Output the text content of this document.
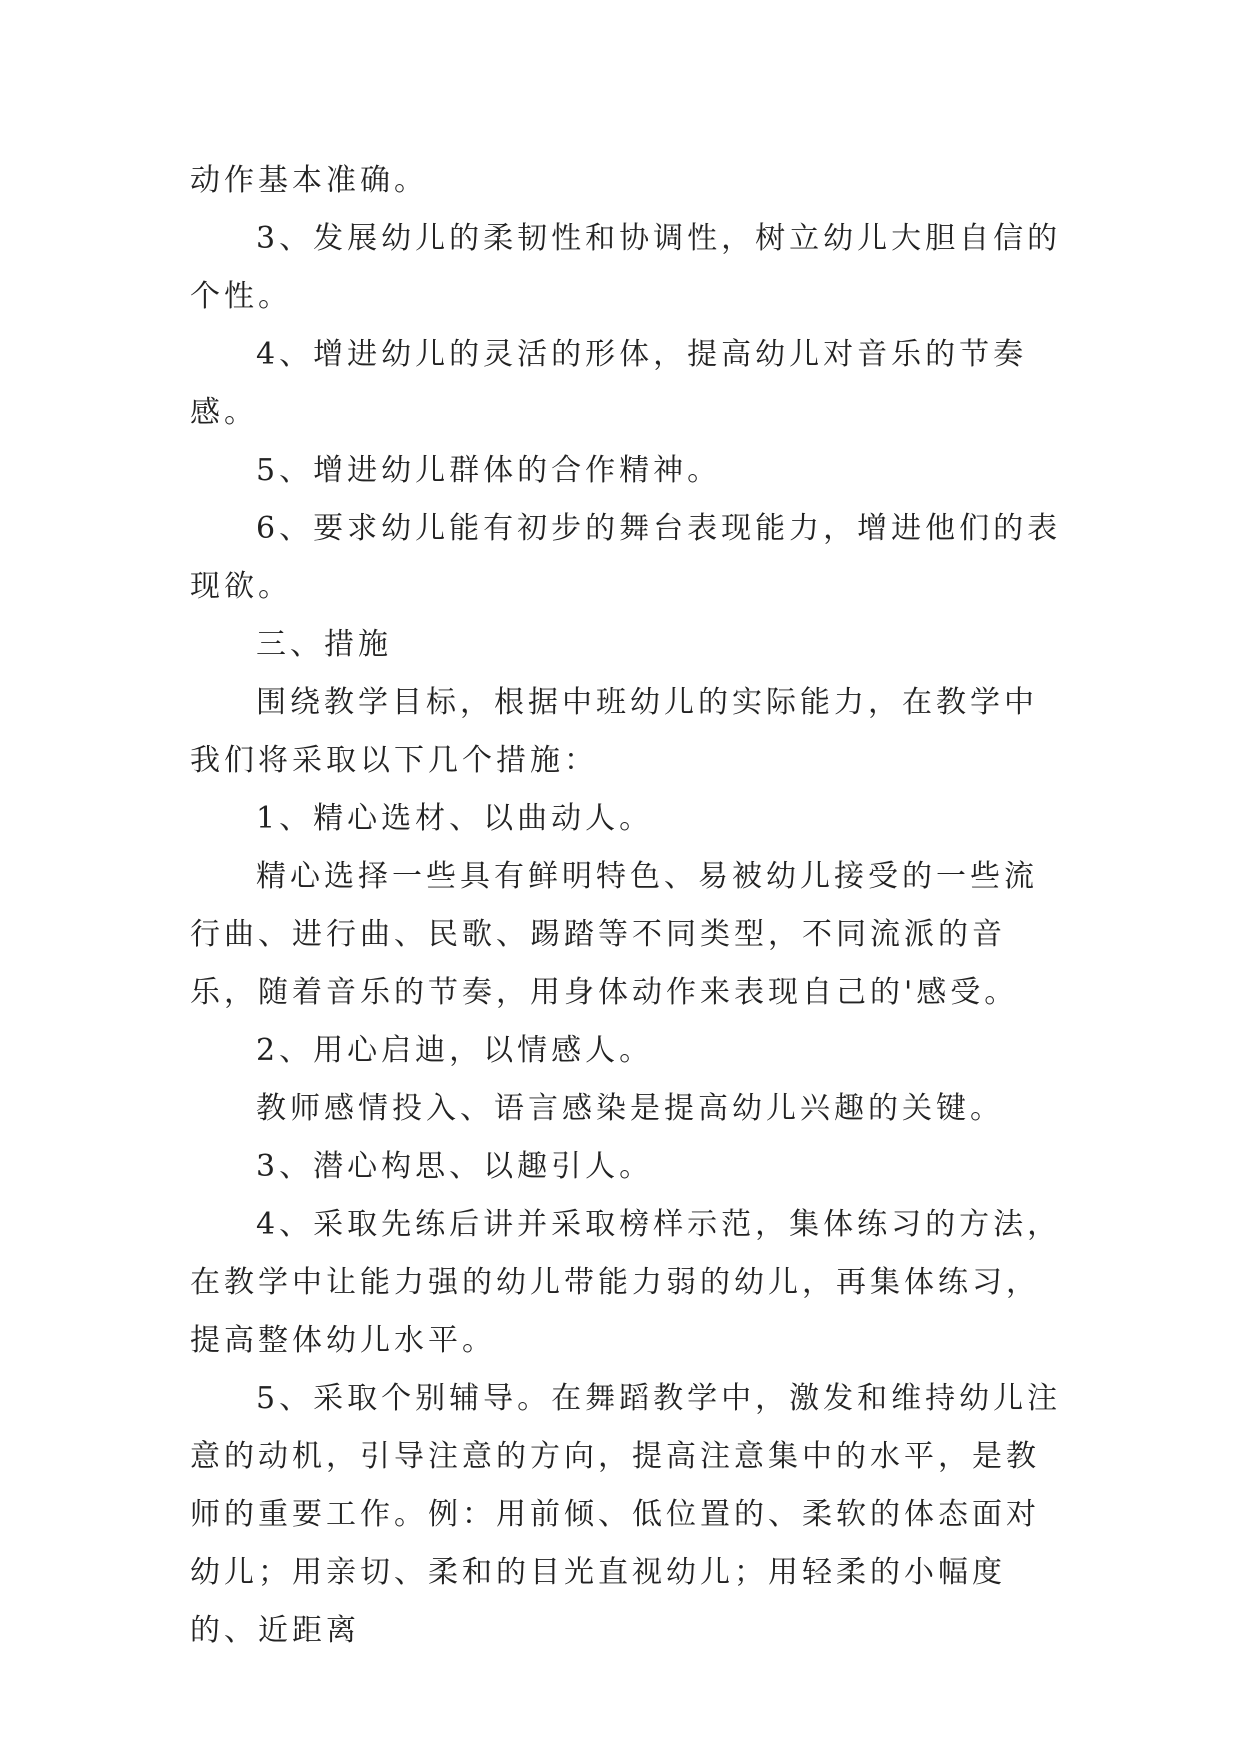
动作基本准确。

3、发展幼儿的柔韧性和协调性，树立幼儿大胆自信的个性。

4、增进幼儿的灵活的形体，提高幼儿对音乐的节奏感。

5、增进幼儿群体的合作精神。

6、要求幼儿能有初步的舞台表现能力，增进他们的表现欲。

三、措施

围绕教学目标，根据中班幼儿的实际能力，在教学中我们将采取以下几个措施：

1、精心选材、以曲动人。

精心选择一些具有鲜明特色、易被幼儿接受的一些流行曲、进行曲、民歌、踢踏等不同类型，不同流派的音乐，随着音乐的节奏，用身体动作来表现自己的'感受。

2、用心启迪，以情感人。

教师感情投入、语言感染是提高幼儿兴趣的关键。

3、潜心构思、以趣引人。

4、采取先练后讲并采取榜样示范，集体练习的方法，在教学中让能力强的幼儿带能力弱的幼儿，再集体练习，提高整体幼儿水平。

5、采取个别辅导。在舞蹈教学中，激发和维持幼儿注意的动机，引导注意的方向，提高注意集中的水平，是教师的重要工作。例：用前倾、低位置的、柔软的体态面对幼儿；用亲切、柔和的目光直视幼儿；用轻柔的小幅度的、近距离
